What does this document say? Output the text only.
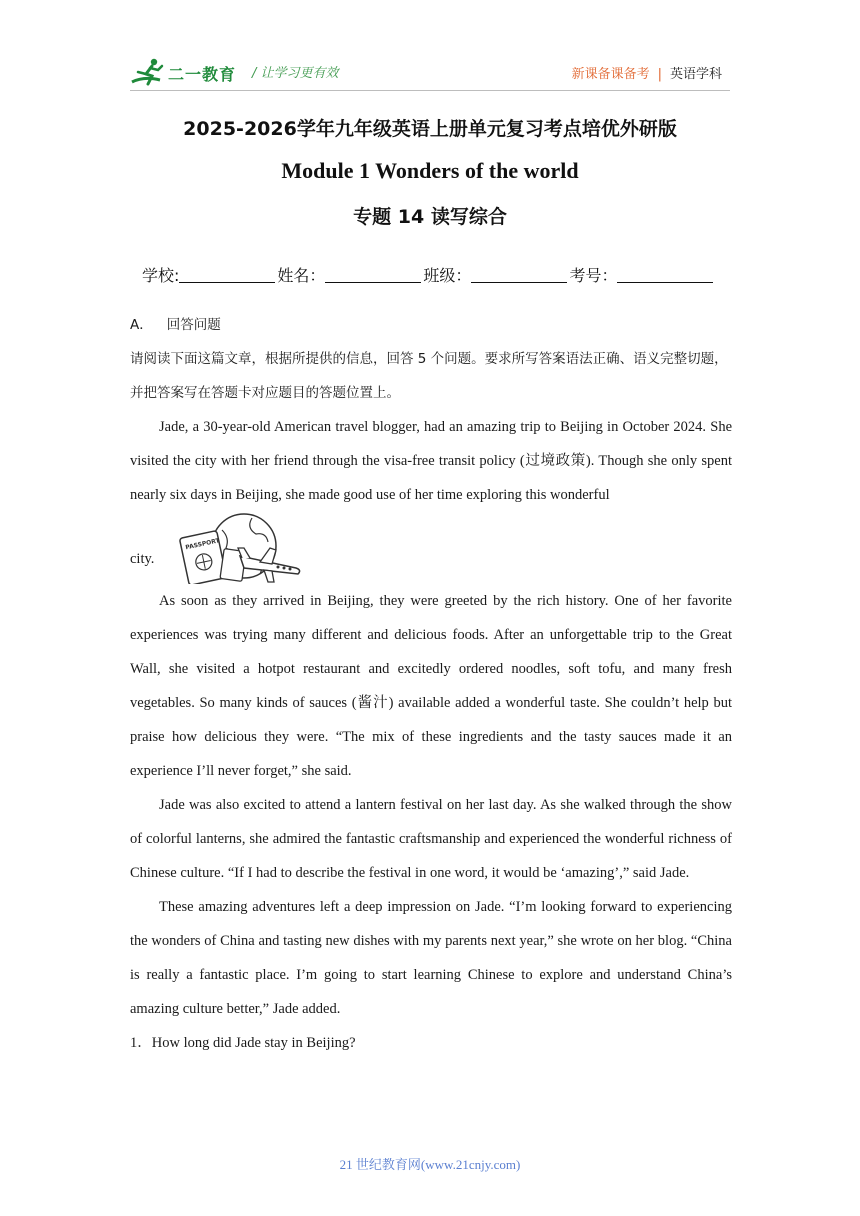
二一教育 / 让学习更有效	新课备课备考 | 英语学科
2025-2026学年九年级英语上册单元复习考点培优外研版
Module 1 Wonders of the world
专题 14 读写综合
学校:	姓名：	班级：	考号：

A． 回答问题

请阅读下面这篇文章，根据所提供的信息，回答 5 个问题。要求所写答案语法正确、语义完整切题，并把答案写在答题卡对应题目的答题位置上。

Jade, a 30-year-old American travel blogger, had an amazing trip to Beijing in October 2024. She visited the city with her friend through the visa-free transit policy (过境政策). Though she only spent nearly six days in Beijing, she made good use of her time exploring this wonderful

city.
PASSPORT

As soon as they arrived in Beijing, they were greeted by the rich history. One of her favorite experiences was trying many different and delicious foods. After an unforgettable trip to the Great Wall, she visited a hotpot restaurant and excitedly ordered noodles, soft tofu, and many fresh vegetables. So many kinds of sauces (酱汁) available added a wonderful taste. She couldn’t help but praise how delicious they were. “The mix of these ingredients and the tasty sauces made it an experience I’ll never forget,” she said.

Jade was also excited to attend a lantern festival on her last day. As she walked through the show of colorful lanterns, she admired the fantastic craftsmanship and experienced the wonderful richness of Chinese culture. “If I had to describe the festival in one word, it would be ‘amazing’,” said Jade.

These amazing adventures left a deep impression on Jade. “I’m looking forward to experiencing the wonders of China and tasting new dishes with my parents next year,” she wrote on her blog. “China is really a fantastic place. I’m going to start learning Chinese to explore and understand China’s amazing culture better,” Jade added.

1．How long did Jade stay in Beijing?

21 世纪教育网(www.21cnjy.com)
